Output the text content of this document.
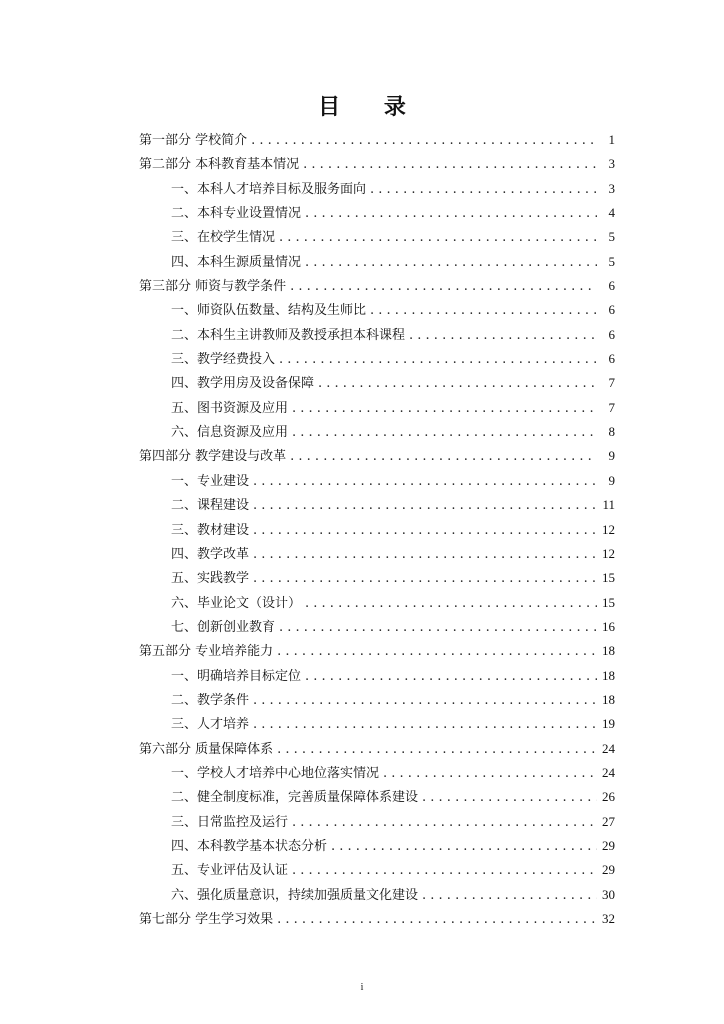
目 录
第一部分 学校简介 . . .	1
第二部分 本科教育基本情况 . . .	3
一、本科人才培养目标及服务面向 . . .	3
二、本科专业设置情况 . . .	4
三、在校学生情况 . . .	5
四、本科生源质量情况 . . .	5
第三部分 师资与教学条件 . . .	6
一、师资队伍数量、结构及生师比 . . .	6
二、本科生主讲教师及教授承担本科课程 . . .	6
三、教学经费投入 . . .	6
四、教学用房及设备保障 . . .	7
五、图书资源及应用 . . .	7
六、信息资源及应用 . . .	8
第四部分 教学建设与改革 . . .	9
一、专业建设 . . .	9
二、课程建设 . . .	11
三、教材建设 . . .	12
四、教学改革 . . .	12
五、实践教学 . . .	15
六、毕业论文（设计） . . .	15
七、创新创业教育 . . .	16
第五部分 专业培养能力 . . .	18
一、明确培养目标定位 . . .	18
二、教学条件 . . .	18
三、人才培养 . . .	19
第六部分 质量保障体系 . . .	24
一、学校人才培养中心地位落实情况 . . .	24
二、健全制度标准，完善质量保障体系建设 . . .	26
三、日常监控及运行 . . .	27
四、本科教学基本状态分析 . . .	29
五、专业评估及认证 . . .	29
六、强化质量意识，持续加强质量文化建设 . . .	30
第七部分 学生学习效果 . . .	32
i
